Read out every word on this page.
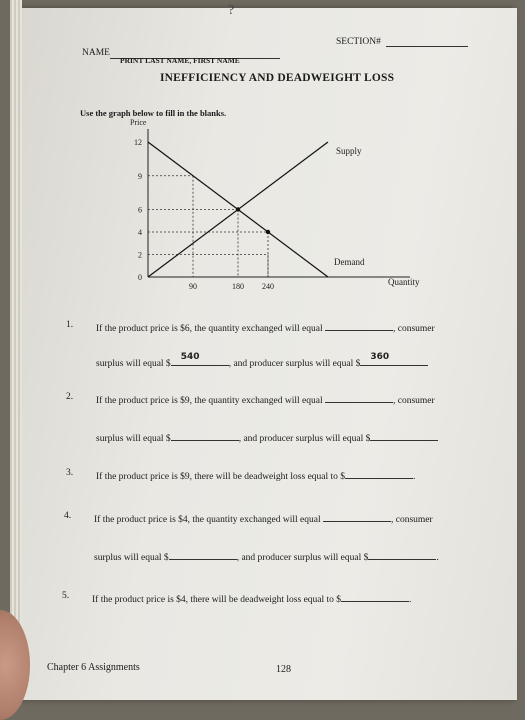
?
NAME
PRINT LAST NAME, FIRST NAME
SECTION#
INEFFICIENCY AND DEADWEIGHT LOSS
Use the graph below to fill in the blanks.
12
9
6
4
2
0
90	180 240
Price
Quantity
Supply
Demand
1. If the product price is $6, the quantity exchanged will equal	, consumer
surplus will equal $
540
, and producer surplus will equal $
360
2. If the product price is $9, the quantity exchanged will equal	, consumer
surplus will equal $	, and producer surplus will equal $
3. If the product price is $9, there will be deadweight loss equal to $	.
4. If the product price is $4, the quantity exchanged will equal	, consumer
surplus will equal $	, and producer surplus will equal $	.
5. If the product price is $4, there will be deadweight loss equal to $	.
Chapter 6 Assignments	128
